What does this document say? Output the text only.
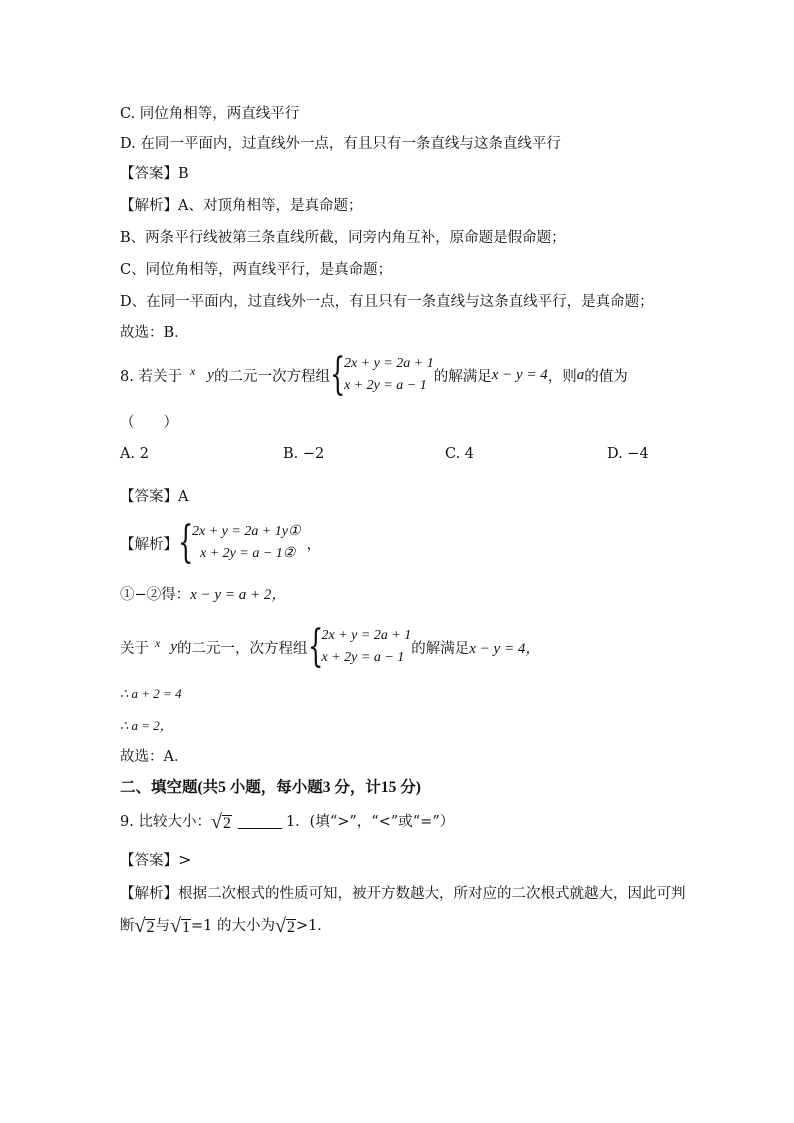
C. 同位角相等，两直线平行
D. 在同一平面内，过直线外一点，有且只有一条直线与这条直线平行
【答案】B
【解析】A、对顶角相等，是真命题；
B、两条平行线被第三条直线所截，同旁内角互补，原命题是假命题；
C、同位角相等，两直线平行，是真命题；
D、在同一平面内，过直线外一点，有且只有一条直线与这条直线平行，是真命题；
故选：B．
8. 若关于 x y 的二元一次方程组 {
2x + y = 2a + 1
x + 2y = a − 1
的解满足 x − y = 4 ，则 a 的值为
（　　）
A. 2	B. −2	C. 4	D. −4
【答案】A
【解析】 {
2x + y = 2a + 1y①
x + 2y = a − 1②
，
①−②得：x − y = a + 2，
关于 x y 的二元一，次方程组 {
2x + y = 2a + 1
x + 2y = a − 1
的解满足 x − y = 4，
∴ a + 2 = 4
∴ a = 2，
故选：A．
二、填空题(共5 小题，每小题3 分，计15 分)
9. 比较大小： √ 2	1．(填“>”，“<”或“=”）
【答案】>
【解析】根据二次根式的性质可知，被开方数越大，所对应的二次根式就越大，因此可判
断 √ 2 与 √ 1 =1 的大小为 √ 2 >1．
